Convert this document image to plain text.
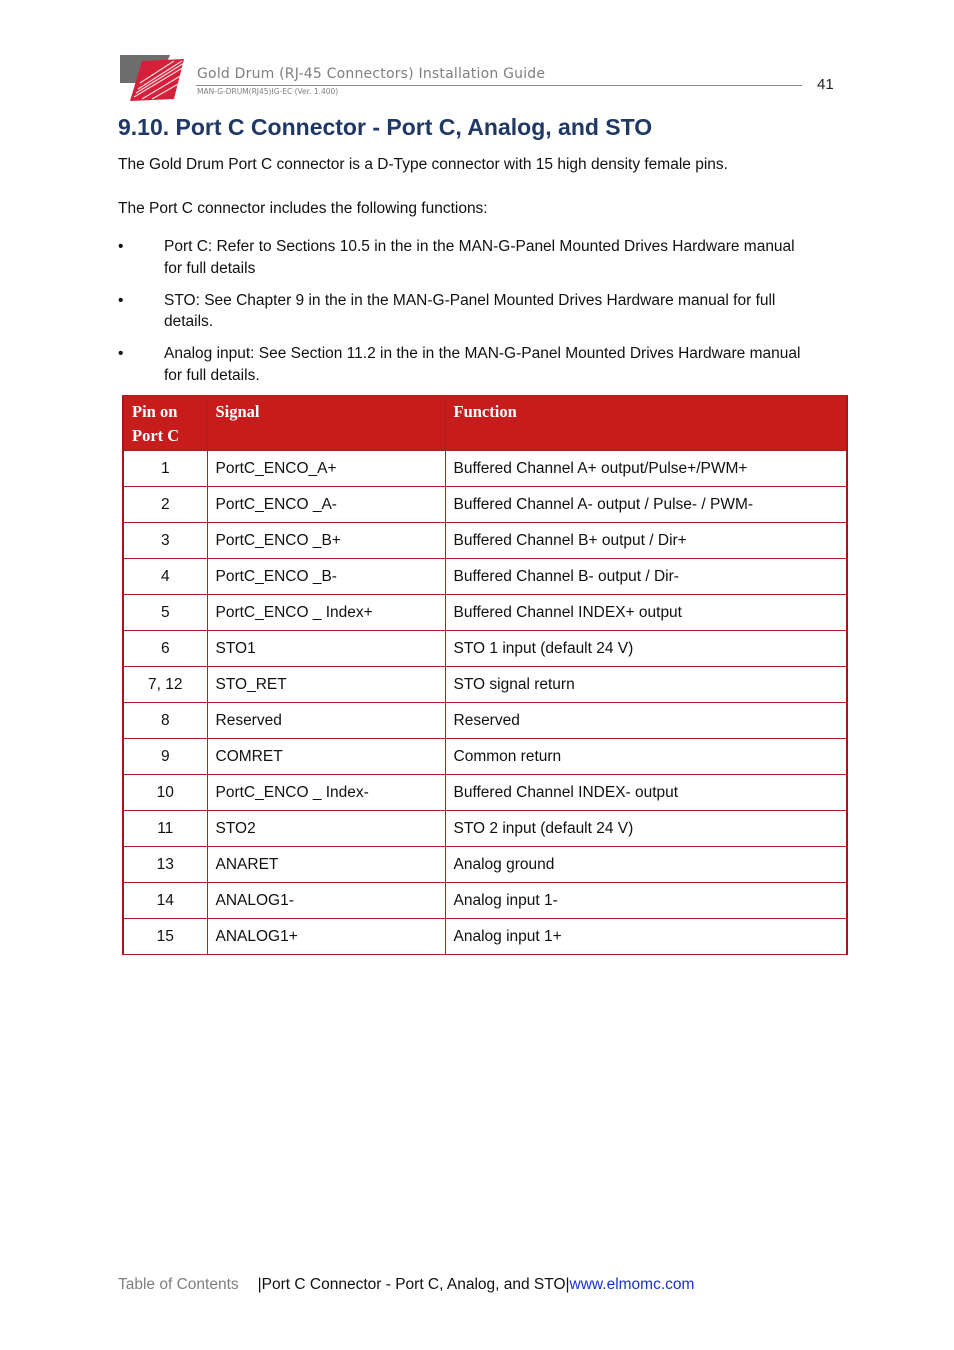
Gold Drum (RJ-45 Connectors) Installation Guide
MAN-G-DRUM(RJ45)IG-EC (Ver. 1.400)	41
9.10. Port C Connector - Port C, Analog, and STO

The Gold Drum Port C connector is a D-Type connector with 15 high density female pins.

The Port C connector includes the following functions:

•	Port C: Refer to Sections 10.5 in the in the MAN-G-Panel Mounted Drives Hardware manual
for full details
•	STO: See Chapter 9 in the in the MAN-G-Panel Mounted Drives Hardware manual for full
details.
•	Analog input: See Section 11.2 in the in the MAN-G-Panel Mounted Drives Hardware manual
for full details.
Pin on
Port C	Signal	Function
1	PortC_ENCO_A+	Buffered Channel A+ output/Pulse+/PWM+
2	PortC_ENCO _A-	Buffered Channel A- output / Pulse- / PWM-
3	PortC_ENCO _B+	Buffered Channel B+ output / Dir+
4	PortC_ENCO _B-	Buffered Channel B- output / Dir-
5	PortC_ENCO _ Index+	Buffered Channel INDEX+ output
6	STO1	STO 1 input (default 24 V)
7, 12	STO_RET	STO signal return
8	Reserved	Reserved
9	COMRET	Common return
10	PortC_ENCO _ Index-	Buffered Channel INDEX- output
11	STO2	STO 2 input (default 24 V)
13	ANARET	Analog ground
14	ANALOG1-	Analog input 1-
15	ANALOG1+	Analog input 1+
Table of Contents |Port C Connector - Port C, Analog, and STO|www.elmomc.com
